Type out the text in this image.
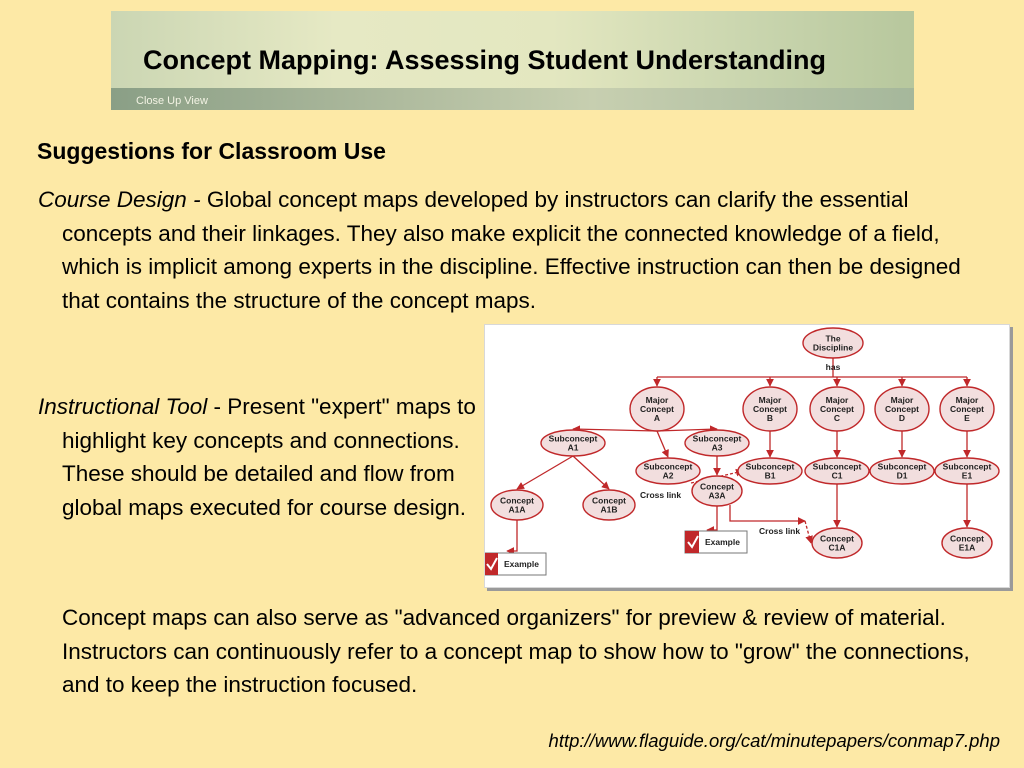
Close Up View
Concept Mapping: Assessing Student Understanding
Suggestions for Classroom Use

Course Design - Global concept maps developed by instructors can clarify the essential concepts and their linkages. They also make explicit the connected knowledge of a field, which is implicit among experts in the discipline. Effective instruction can then be designed that contains the structure of the concept maps.

Instructional Tool - Present "expert" maps to highlight key concepts and connections. These should be detailed and flow from global maps executed for course design.

Concept maps can also serve as "advanced organizers" for preview & review of material. Instructors can continuously refer to a concept map to show how to "grow" the connections, and to keep the instruction focused.

http://www.flaguide.org/cat/minutepapers/conmap7.php
The
Discipline
Major
Concept
A
Major
Concept
B
Major
Concept
C
Major
Concept
D
Major
Concept
E
Subconcept
A1
Subconcept
A2
Subconcept
A3
Subconcept
B1
Subconcept
C1
Subconcept
D1
Subconcept
E1
Concept
A1A
Concept
A1B
Concept
A3A
Concept
C1A
Concept
E1A
has
Cross link
Cross link
Example
Example
